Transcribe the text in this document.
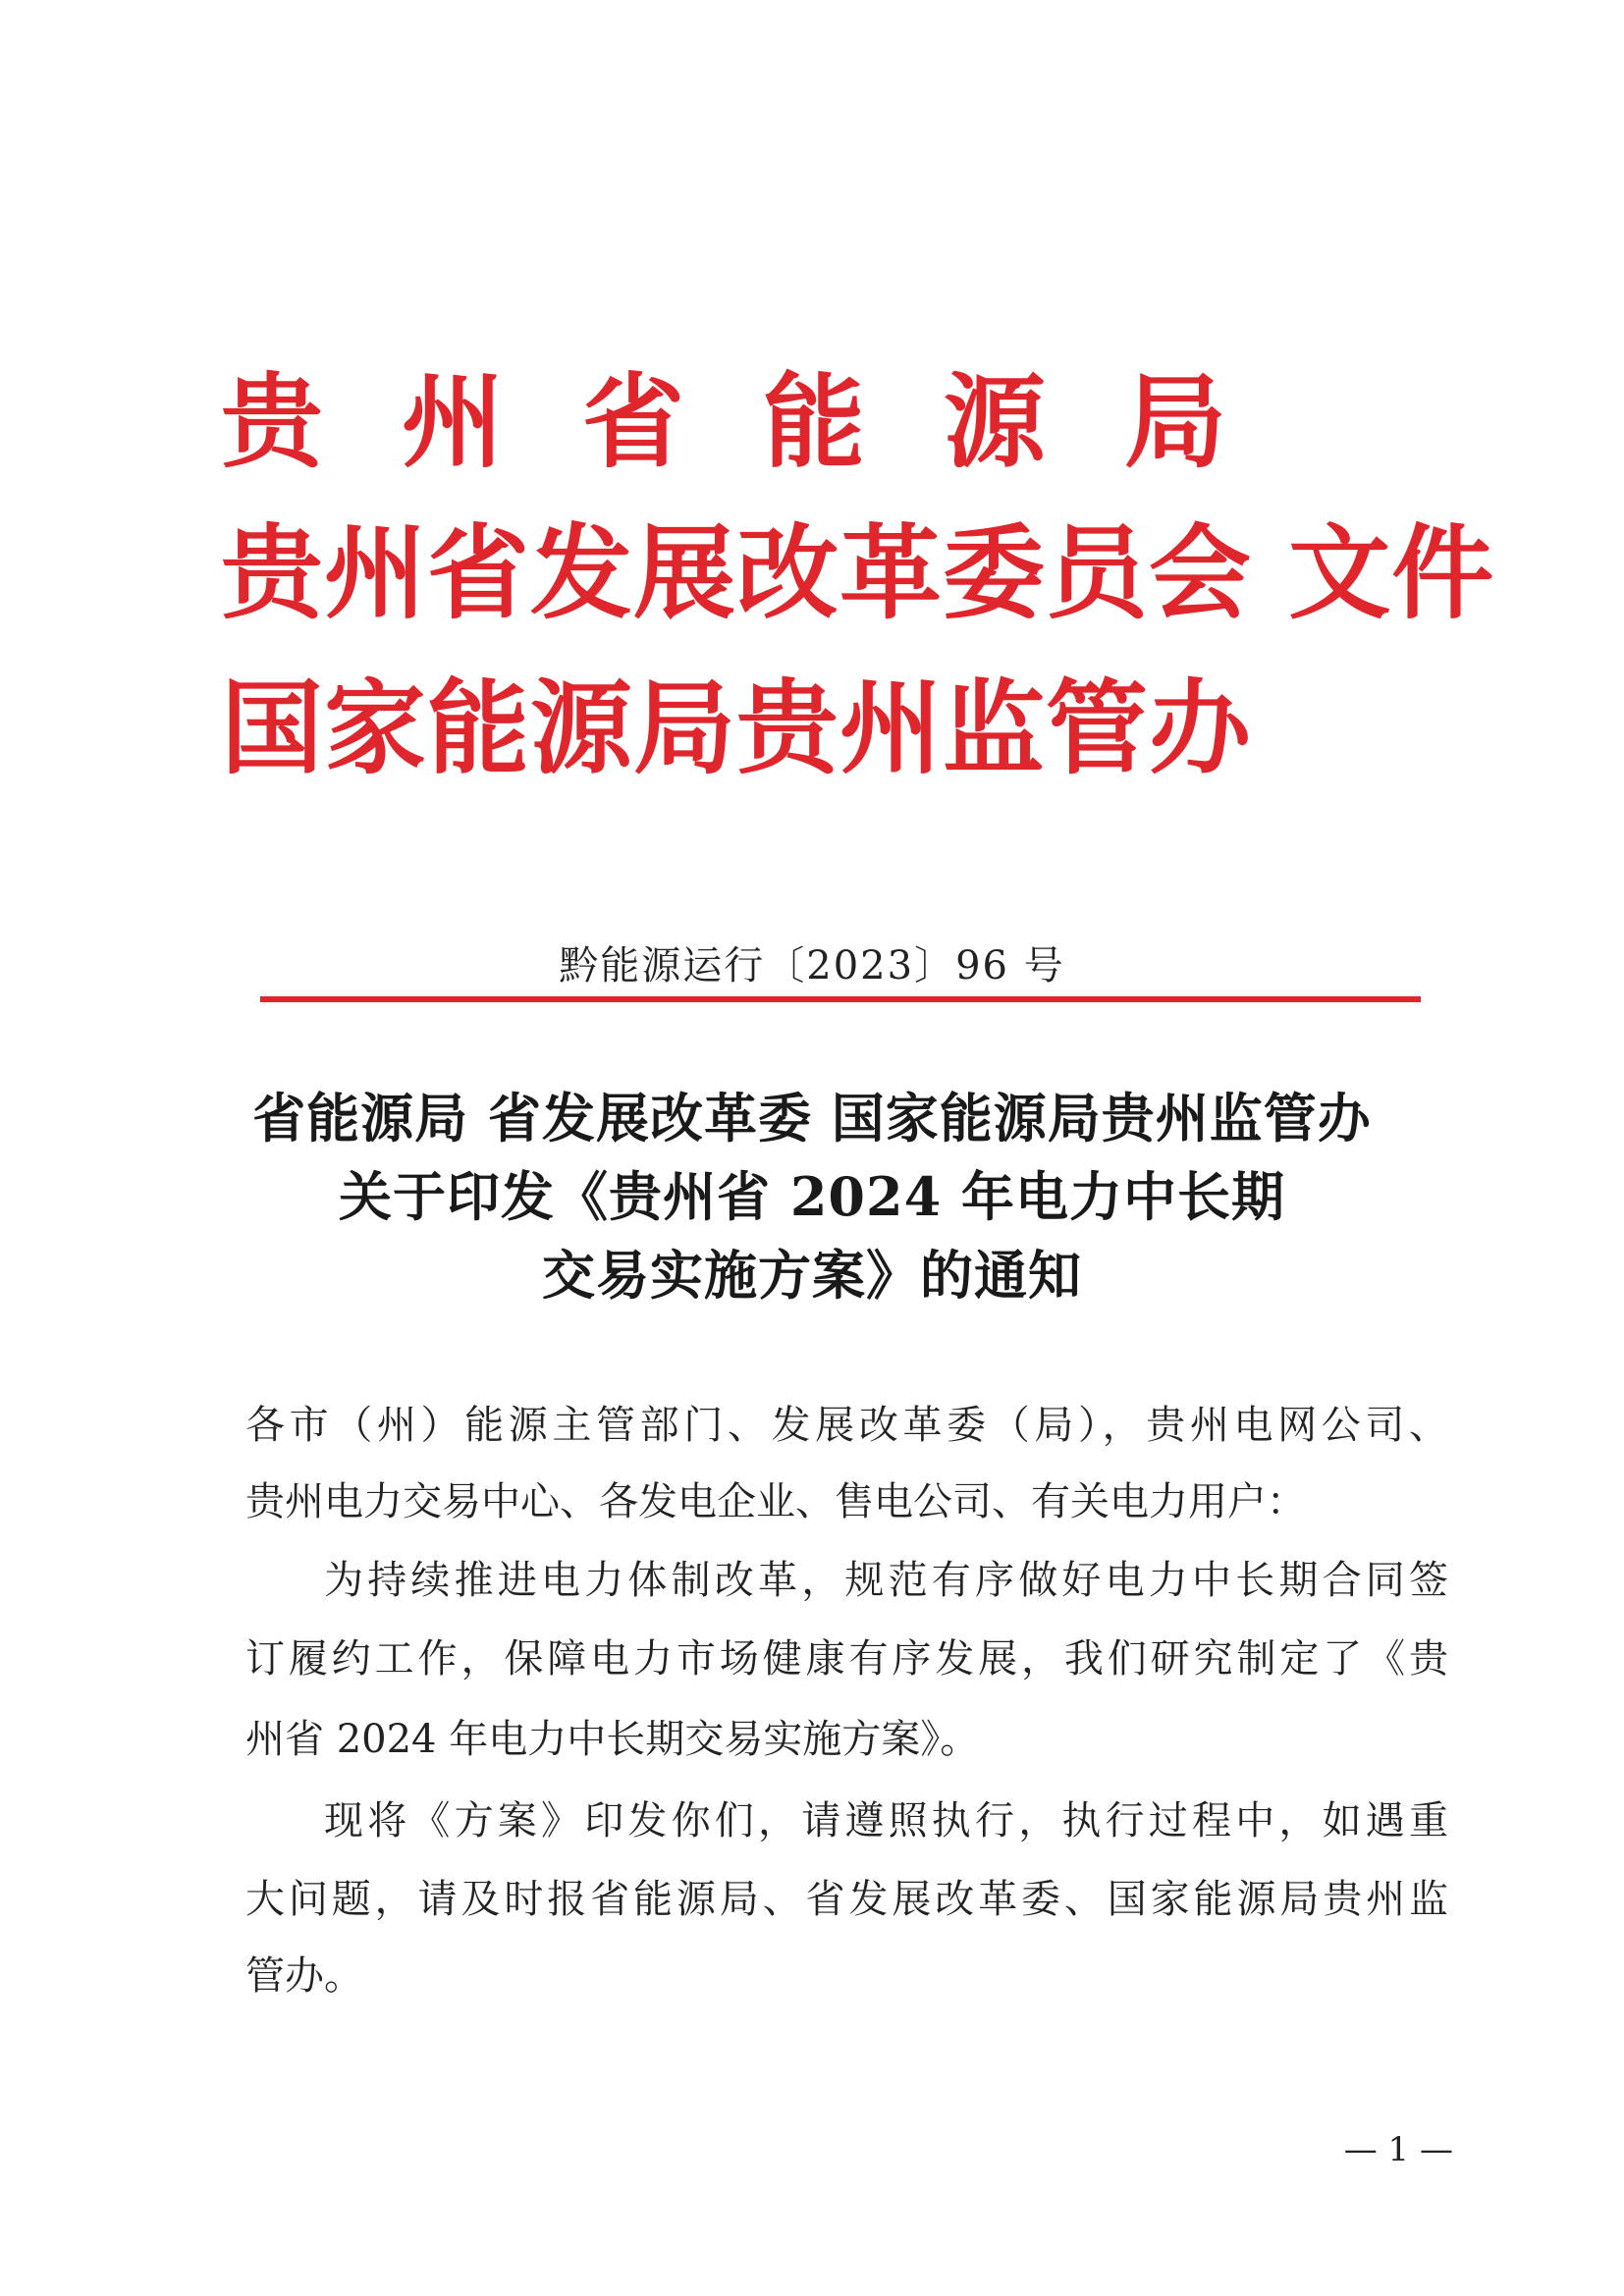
贵州省能源局
贵州省发展改革委员会 文件
国家能源局贵州监管办
黔能源运行〔2023〕96 号
省能源局 省发展改革委 国家能源局贵州监管办
关于印发《贵州省 2024 年电力中长期
交易实施方案》的通知
各市（州）能源主管部门、发展改革委（局），贵州电网公司、
贵州电力交易中心、各发电企业、售电公司、有关电力用户：
为持续推进电力体制改革，规范有序做好电力中长期合同签
订履约工作，保障电力市场健康有序发展，我们研究制定了《贵
州省 2024 年电力中长期交易实施方案》。
现将《方案》印发你们，请遵照执行，执行过程中，如遇重
大问题，请及时报省能源局、省发展改革委、国家能源局贵州监
管办。
— 1 —
